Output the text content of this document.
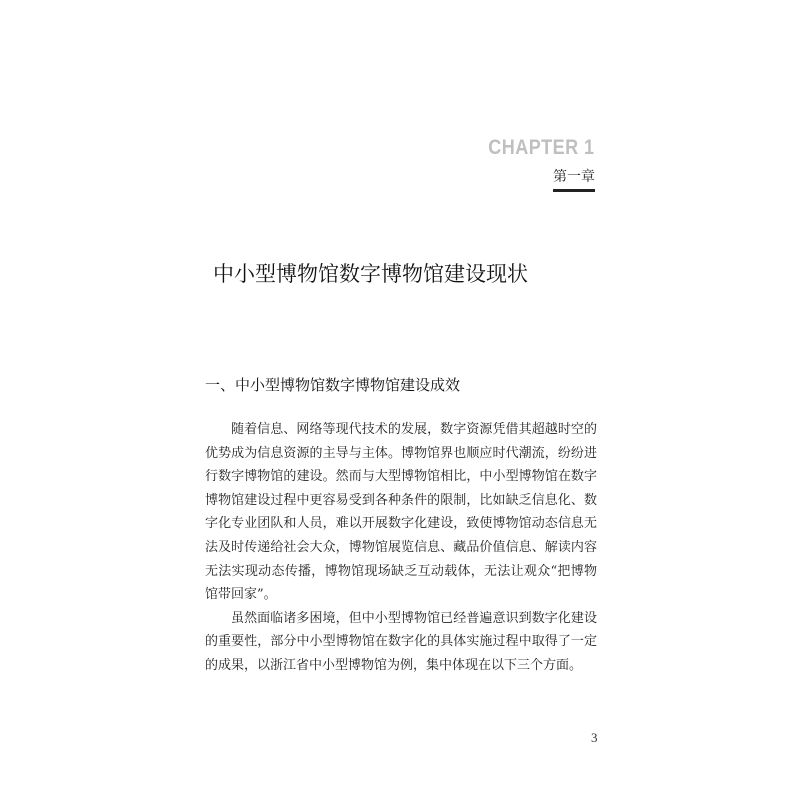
CHAPTER 1
第一章
中小型博物馆数字博物馆建设现状
一、中小型博物馆数字博物馆建设成效

随着信息、网络等现代技术的发展，数字资源凭借其超越时空的优势成为信息资源的主导与主体。博物馆界也顺应时代潮流，纷纷进行数字博物馆的建设。然而与大型博物馆相比，中小型博物馆在数字博物馆建设过程中更容易受到各种条件的限制，比如缺乏信息化、数字化专业团队和人员，难以开展数字化建设，致使博物馆动态信息无法及时传递给社会大众，博物馆展览信息、藏品价值信息、解读内容无法实现动态传播，博物馆现场缺乏互动载体，无法让观众“把博物馆带回家”。

虽然面临诸多困境，但中小型博物馆已经普遍意识到数字化建设的重要性，部分中小型博物馆在数字化的具体实施过程中取得了一定的成果，以浙江省中小型博物馆为例，集中体现在以下三个方面。

3
